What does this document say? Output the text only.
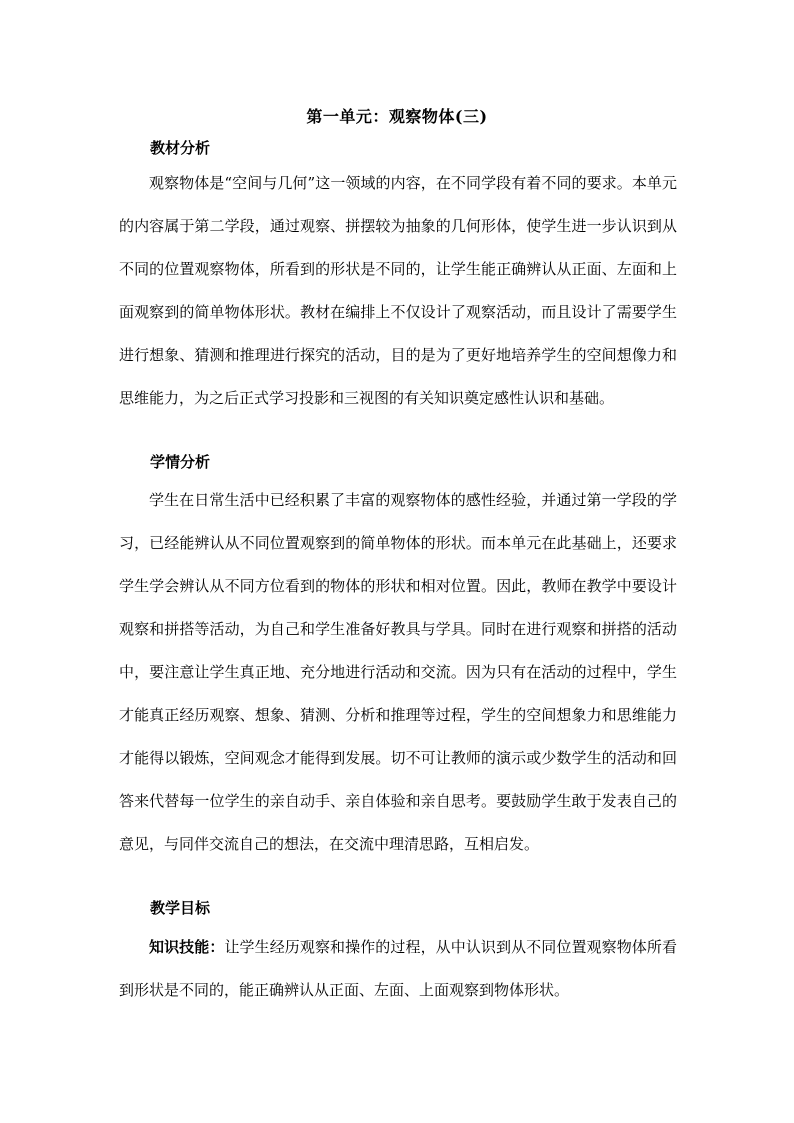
第一单元：观察物体(三)
教材分析

观察物体是“空间与几何”这一领域的内容，在不同学段有着不同的要求。本单元的内容属于第二学段，通过观察、拼摆较为抽象的几何形体，使学生进一步认识到从不同的位置观察物体，所看到的形状是不同的，让学生能正确辨认从正面、左面和上面观察到的简单物体形状。教材在编排上不仅设计了观察活动，而且设计了需要学生进行想象、猜测和推理进行探究的活动，目的是为了更好地培养学生的空间想像力和思维能力，为之后正式学习投影和三视图的有关知识奠定感性认识和基础。

学情分析

学生在日常生活中已经积累了丰富的观察物体的感性经验，并通过第一学段的学习，已经能辨认从不同位置观察到的简单物体的形状。而本单元在此基础上，还要求学生学会辨认从不同方位看到的物体的形状和相对位置。因此，教师在教学中要设计观察和拼搭等活动，为自己和学生准备好教具与学具。同时在进行观察和拼搭的活动中，要注意让学生真正地、充分地进行活动和交流。因为只有在活动的过程中，学生才能真正经历观察、想象、猜测、分析和推理等过程，学生的空间想象力和思维能力才能得以锻炼，空间观念才能得到发展。切不可让教师的演示或少数学生的活动和回答来代替每一位学生的亲自动手、亲自体验和亲自思考。要鼓励学生敢于发表自己的意见，与同伴交流自己的想法，在交流中理清思路，互相启发。

教学目标

知识技能：让学生经历观察和操作的过程，从中认识到从不同位置观察物体所看到形状是不同的，能正确辨认从正面、左面、上面观察到物体形状。
